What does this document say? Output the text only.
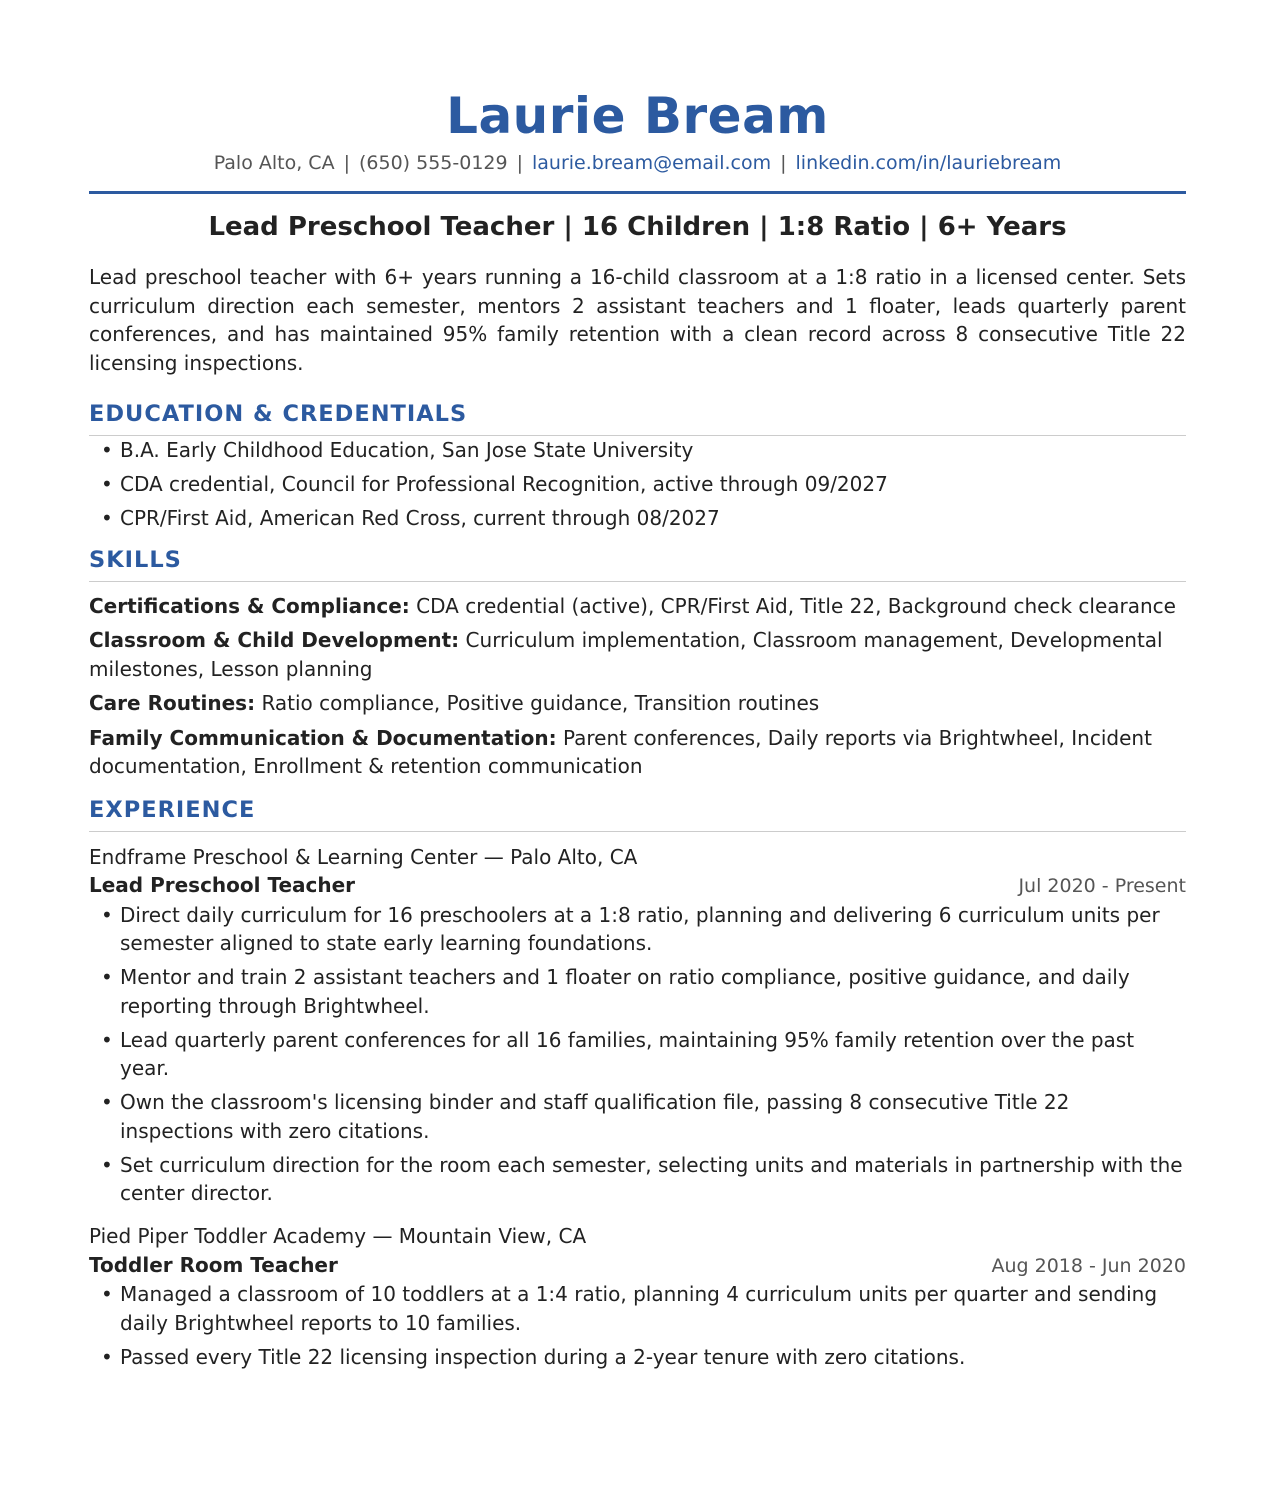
Laurie Bream
Palo Alto, CA | (650) 555-0129 | laurie.bream@email.com | linkedin.com/in/lauriebream
Lead Preschool Teacher | 16 Children | 1:8 Ratio | 6+ Years
Lead preschool teacher with 6+ years running a 16-child classroom at a 1:8 ratio in a licensed center. Sets curriculum direction each semester, mentors 2 assistant teachers and 1 floater, leads quarterly parent conferences, and has maintained 95% family retention with a clean record across 8 consecutive Title 22 licensing inspections.
EDUCATION & CREDENTIALS
• B.A. Early Childhood Education, San Jose State University
• CDA credential, Council for Professional Recognition, active through 09/2027
• CPR/First Aid, American Red Cross, current through 08/2027
SKILLS
Certifications & Compliance: CDA credential (active), CPR/First Aid, Title 22, Background check clearance
Classroom & Child Development: Curriculum implementation, Classroom management, Developmental milestones, Lesson planning
Care Routines: Ratio compliance, Positive guidance, Transition routines
Family Communication & Documentation: Parent conferences, Daily reports via Brightwheel, Incident documentation, Enrollment & retention communication
EXPERIENCE
Endframe Preschool & Learning Center — Palo Alto, CA
Lead Preschool Teacher	Jul 2020 - Present
• Direct daily curriculum for 16 preschoolers at a 1:8 ratio, planning and delivering 6 curriculum units per semester aligned to state early learning foundations.
• Mentor and train 2 assistant teachers and 1 floater on ratio compliance, positive guidance, and daily reporting through Brightwheel.
• Lead quarterly parent conferences for all 16 families, maintaining 95% family retention over the past year.
• Own the classroom's licensing binder and staff qualification file, passing 8 consecutive Title 22 inspections with zero citations.
• Set curriculum direction for the room each semester, selecting units and materials in partnership with the center director.
Pied Piper Toddler Academy — Mountain View, CA
Toddler Room Teacher	Aug 2018 - Jun 2020
• Managed a classroom of 10 toddlers at a 1:4 ratio, planning 4 curriculum units per quarter and sending daily Brightwheel reports to 10 families.
• Passed every Title 22 licensing inspection during a 2-year tenure with zero citations.
